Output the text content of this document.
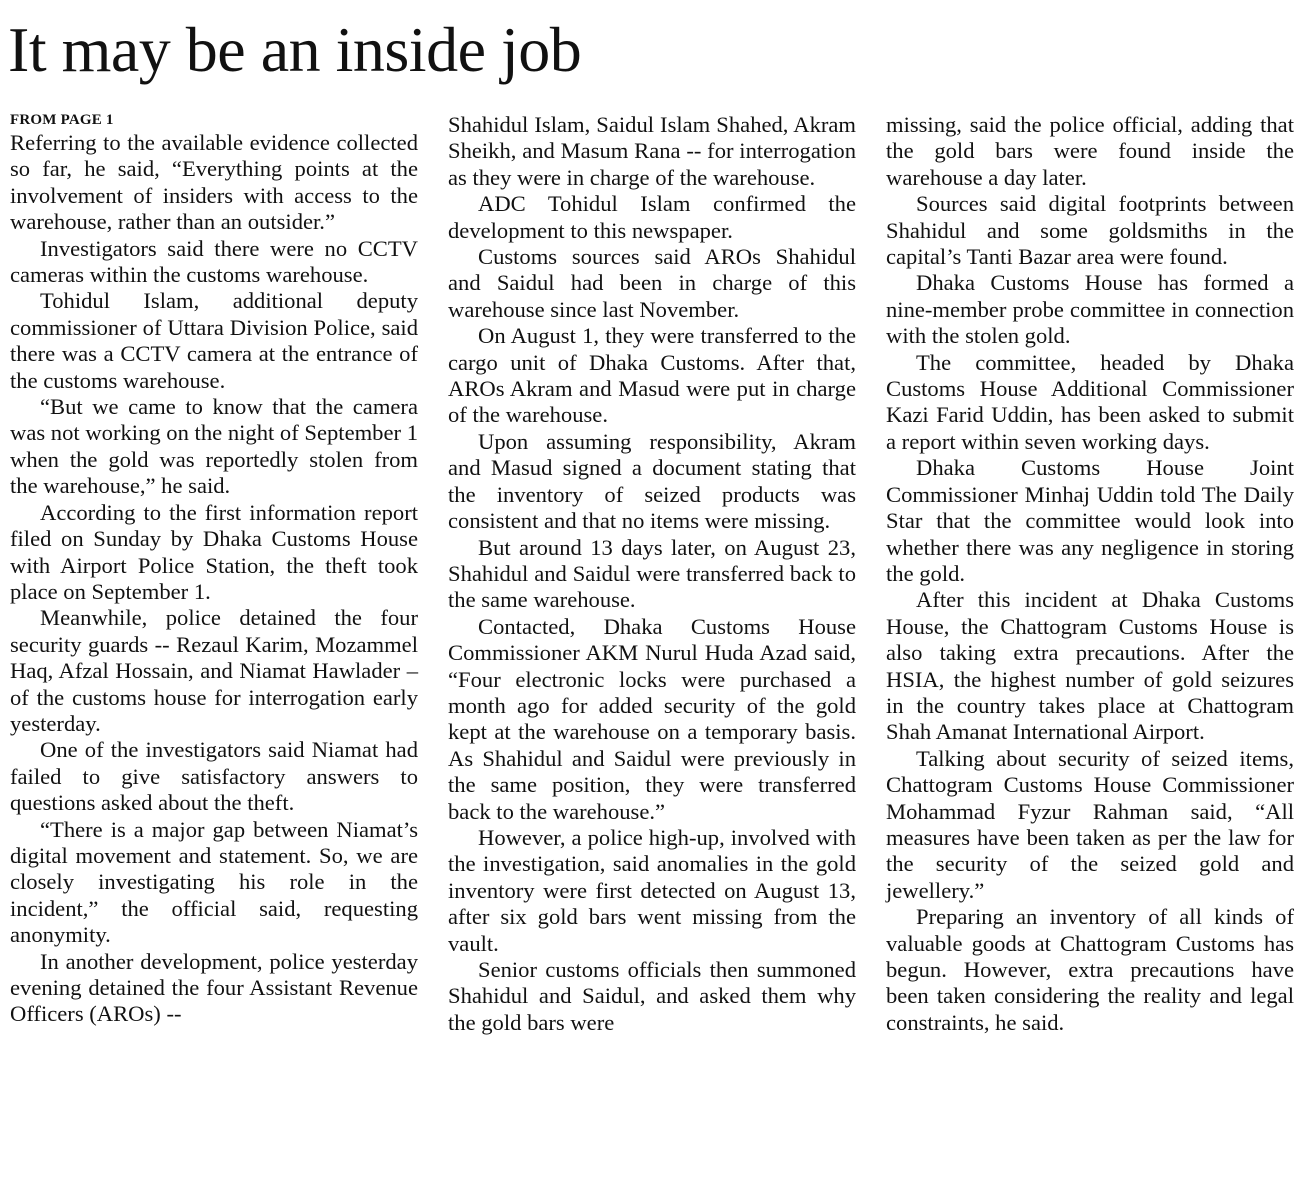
It may be an inside job
FROM PAGE 1

Referring to the available evidence collected so far, he said, “Everything points at the involvement of insiders with access to the warehouse, rather than an outsider.”

Investigators said there were no CCTV cameras within the customs warehouse.

Tohidul Islam, additional deputy commissioner of Uttara Division Police, said there was a CCTV camera at the entrance of the customs warehouse.

“But we came to know that the camera was not working on the night of September 1 when the gold was reportedly stolen from the warehouse,” he said.

According to the first information report filed on Sunday by Dhaka Customs House with Airport Police Station, the theft took place on September 1.

Meanwhile, police detained the four security guards -- Rezaul Karim, Mozammel Haq, Afzal Hossain, and Niamat Hawlader – of the customs house for interrogation early yesterday.

One of the investigators said Niamat had failed to give satisfactory answers to questions asked about the theft.

“There is a major gap between Niamat’s digital movement and statement. So, we are closely investigating his role in the incident,” the official said, requesting anonymity.

In another development, police yesterday evening detained the four Assistant Revenue Officers (AROs) --

Shahidul Islam, Saidul Islam Shahed, Akram Sheikh, and Masum Rana -- for interrogation as they were in charge of the warehouse.

ADC Tohidul Islam confirmed the development to this newspaper.

Customs sources said AROs Shahidul and Saidul had been in charge of this warehouse since last November.

On August 1, they were transferred to the cargo unit of Dhaka Customs. After that, AROs Akram and Masud were put in charge of the warehouse.

Upon assuming responsibility, Akram and Masud signed a document stating that the inventory of seized products was consistent and that no items were missing.

But around 13 days later, on August 23, Shahidul and Saidul were transferred back to the same warehouse.

Contacted, Dhaka Customs House Commissioner AKM Nurul Huda Azad said, “Four electronic locks were purchased a month ago for added security of the gold kept at the warehouse on a temporary basis. As Shahidul and Saidul were previously in the same position, they were transferred back to the warehouse.”

However, a police high-up, involved with the investigation, said anomalies in the gold inventory were first detected on August 13, after six gold bars went missing from the vault.

Senior customs officials then summoned Shahidul and Saidul, and asked them why the gold bars were

missing, said the police official, adding that the gold bars were found inside the warehouse a day later.

Sources said digital footprints between Shahidul and some goldsmiths in the capital’s Tanti Bazar area were found.

Dhaka Customs House has formed a nine-member probe committee in connection with the stolen gold.

The committee, headed by Dhaka Customs House Additional Commissioner Kazi Farid Uddin, has been asked to submit a report within seven working days.

Dhaka Customs House Joint Commissioner Minhaj Uddin told The Daily Star that the committee would look into whether there was any negligence in storing the gold.

After this incident at Dhaka Customs House, the Chattogram Customs House is also taking extra precautions. After the HSIA, the highest number of gold seizures in the country takes place at Chattogram Shah Amanat International Airport.

Talking about security of seized items, Chattogram Customs House Commissioner Mohammad Fyzur Rahman said, “All measures have been taken as per the law for the security of the seized gold and jewellery.”

Preparing an inventory of all kinds of valuable goods at Chattogram Customs has begun. However, extra precautions have been taken considering the reality and legal constraints, he said.
